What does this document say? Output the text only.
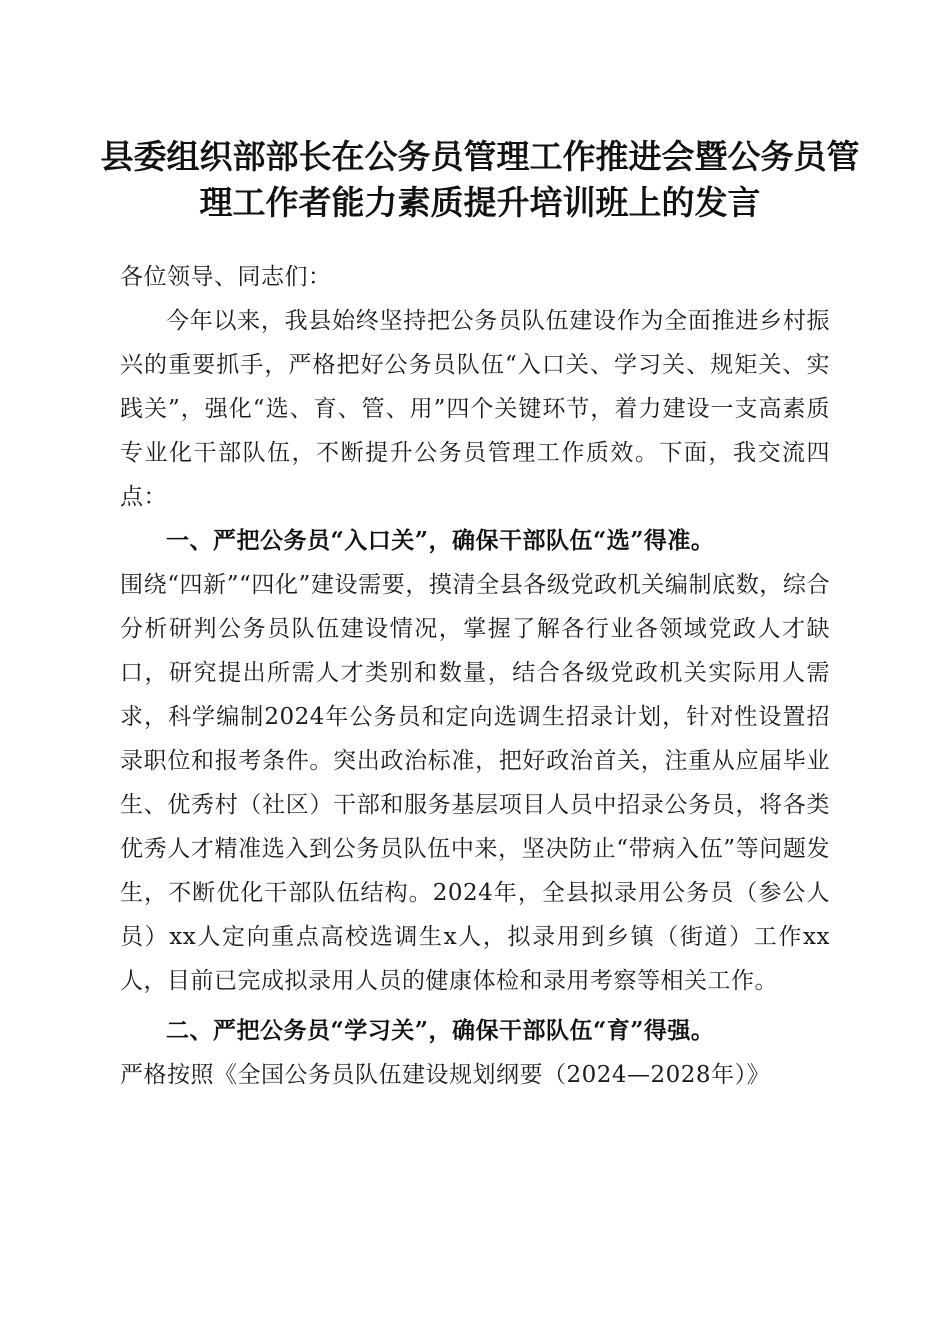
县委组织部部长在公务员管理工作推进会暨公务员管理工作者能力素质提升培训班上的发言

各位领导、同志们：

今年以来，我县始终坚持把公务员队伍建设作为全面推进乡村振兴的重要抓手，严格把好公务员队伍“入口关、学习关、规矩关、实践关”，强化“选、育、管、用”四个关键环节，着力建设一支高素质专业化干部队伍，不断提升公务员管理工作质效。下面，我交流四点：

一、严把公务员“入口关”，确保干部队伍“选”得准。

围绕“四新”“四化”建设需要，摸清全县各级党政机关编制底数，综合分析研判公务员队伍建设情况，掌握了解各行业各领域党政人才缺口，研究提出所需人才类别和数量，结合各级党政机关实际用人需求，科学编制2024年公务员和定向选调生招录计划，针对性设置招录职位和报考条件。突出政治标准，把好政治首关，注重从应届毕业生、优秀村（社区）干部和服务基层项目人员中招录公务员，将各类优秀人才精准选入到公务员队伍中来，坚决防止“带病入伍”等问题发生，不断优化干部队伍结构。2024年，全县拟录用公务员（参公人员）xx人定向重点高校选调生x人，拟录用到乡镇（街道）工作xx人，目前已完成拟录用人员的健康体检和录用考察等相关工作。

二、严把公务员“学习关”，确保干部队伍“育”得强。

严格按照《全国公务员队伍建设规划纲要（2024—2028年）》
